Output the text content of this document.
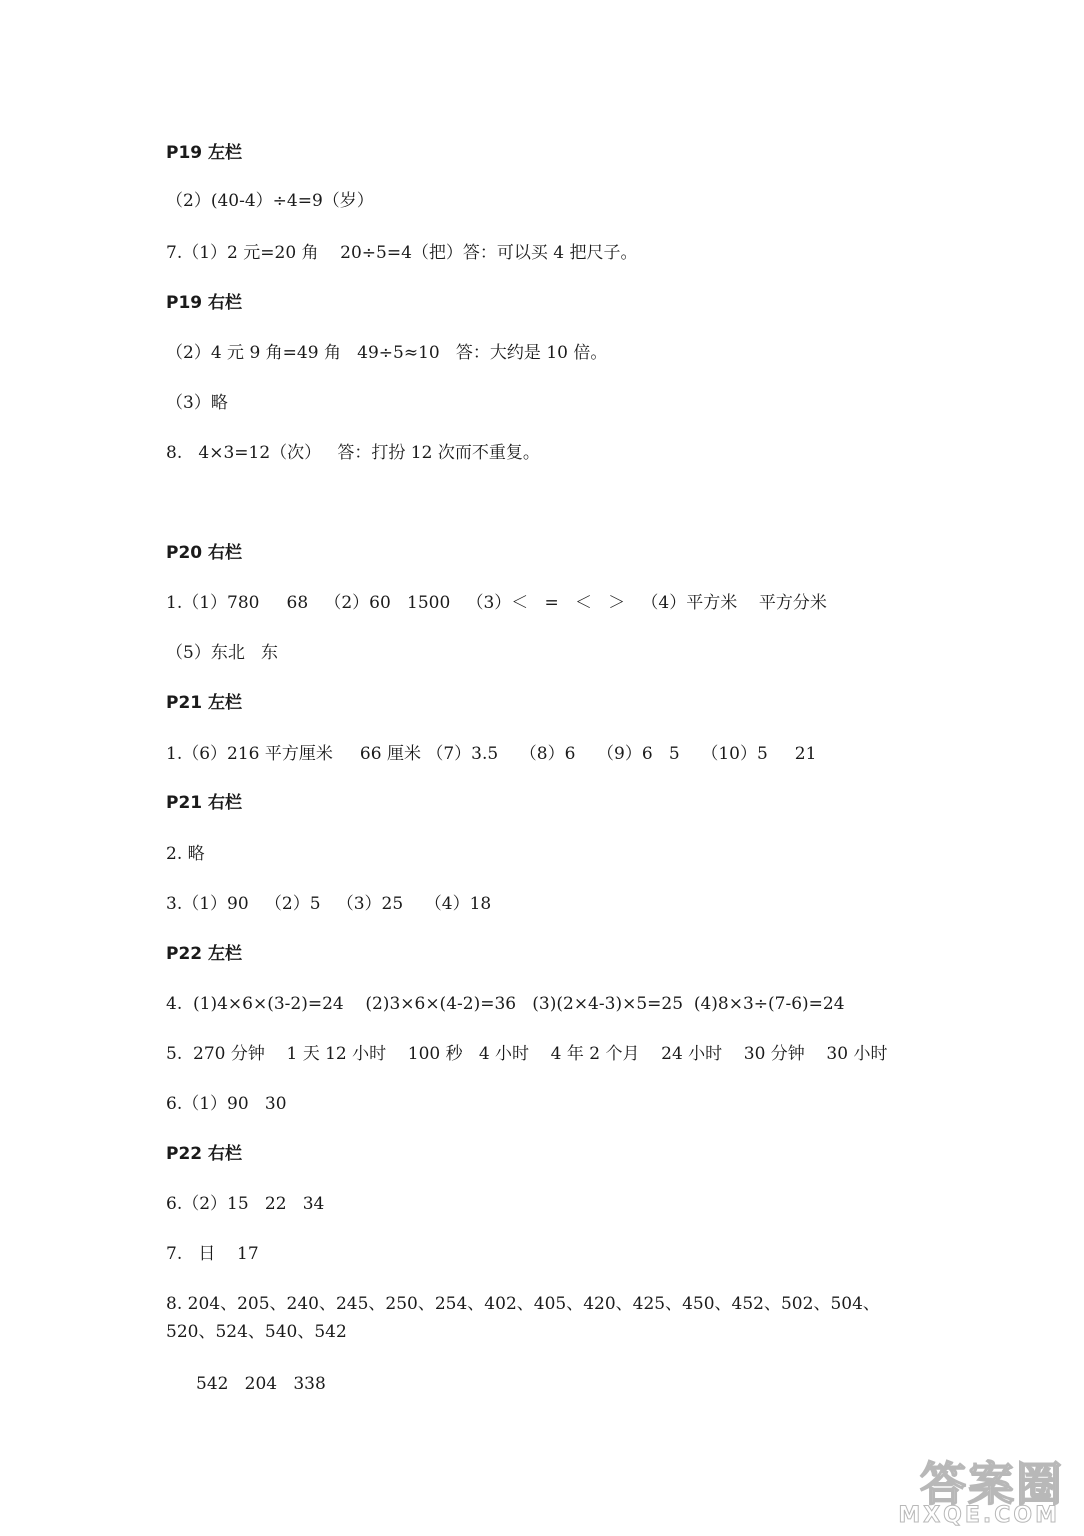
P19 左栏
（2）(40-4）÷4=9（岁）
7.（1）2 元=20 角    20÷5=4（把）答：可以买 4 把尺子。
P19 右栏
（2）4 元 9 角=49 角   49÷5≈10   答：大约是 10 倍。
（3）略
8.   4×3=12（次）   答：打扮 12 次而不重复。
P20 右栏
1.（1）780     68   （2）60   1500   （3）＜   =   ＜   ＞   （4）平方米    平方分米
（5）东北   东
P21 左栏
1.（6）216 平方厘米     66 厘米 （7）3.5    （8）6    （9）6   5    （10）5     21
P21 右栏
2. 略
3.（1）90   （2）5   （3）25    （4）18
P22 左栏
4.  (1)4×6×(3-2)=24    (2)3×6×(4-2)=36   (3)(2×4-3)×5=25  (4)8×3÷(7-6)=24
5.  270 分钟    1 天 12 小时    100 秒   4 小时    4 年 2 个月    24 小时    30 分钟    30 小时
6.（1）90   30
P22 右栏
6.（2）15   22   34
7.   日    17
8. 204、205、240、245、250、254、402、405、420、425、450、452、502、504、520、524、540、542
542   204   338
答案圈
MXQE.COM
